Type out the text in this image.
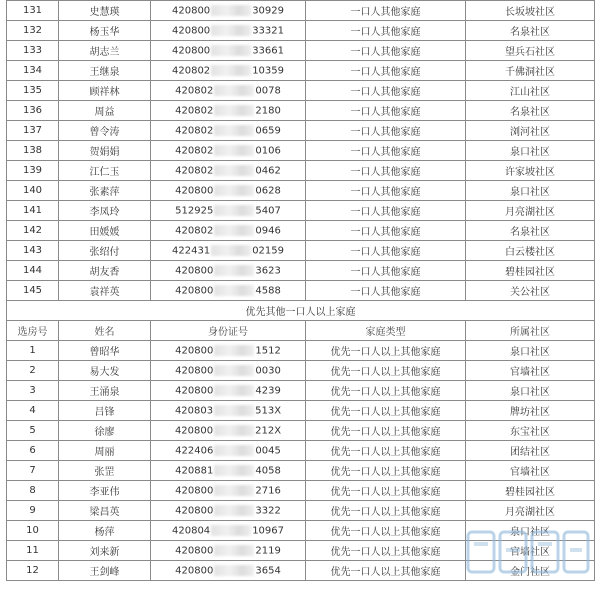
131	史慧瑛	420800 30929	一口人其他家庭	长坂坡社区
132	杨玉华	420800 33321	一口人其他家庭	名泉社区
133	胡志兰	420800 33661	一口人其他家庭	望兵石社区
134	王继泉	420802 10359	一口人其他家庭	千佛洞社区
135	顾祥林	420802 0078	一口人其他家庭	江山社区
136	周益	420802 2180	一口人其他家庭	名泉社区
137	曾令涛	420802 0659	一口人其他家庭	浏河社区
138	贺娟娟	420802 0106	一口人其他家庭	泉口社区
139	江仁玉	420802 0462	一口人其他家庭	许家坡社区
140	张素萍	420800 0628	一口人其他家庭	泉口社区
141	李凤玲	512925 5407	一口人其他家庭	月亮湖社区
142	田媛媛	420802 0946	一口人其他家庭	名泉社区
143	张绍付	422431 02159	一口人其他家庭	白云楼社区
144	胡友香	420800 3623	一口人其他家庭	碧桂园社区
145	袁祥英	420800 4588	一口人其他家庭	关公社区
优先其他一口人以上家庭				
选房号	姓名	身份证号	家庭类型	所属社区
1	曾昭华	420800 1512	优先一口人以上其他家庭	泉口社区
2	易大发	420800 0030	优先一口人以上其他家庭	官墙社区
3	王涌泉	420800 4239	优先一口人以上其他家庭	泉口社区
4	吕锋	420803 513X	优先一口人以上其他家庭	牌坊社区
5	徐廖	420800 212X	优先一口人以上其他家庭	东宝社区
6	周丽	422406 0045	优先一口人以上其他家庭	团结社区
7	张罡	420881 4058	优先一口人以上其他家庭	官墙社区
8	李亚伟	420800 2716	优先一口人以上其他家庭	碧桂园社区
9	梁昌英	420800 3322	优先一口人以上其他家庭	月亮湖社区
10	杨萍	420804 10967	优先一口人以上其他家庭	泉口社区
11	刘来新	420800 2119	优先一口人以上其他家庭	官墙社区
12	王剑峰	420800 3654	优先一口人以上其他家庭	金门社区
